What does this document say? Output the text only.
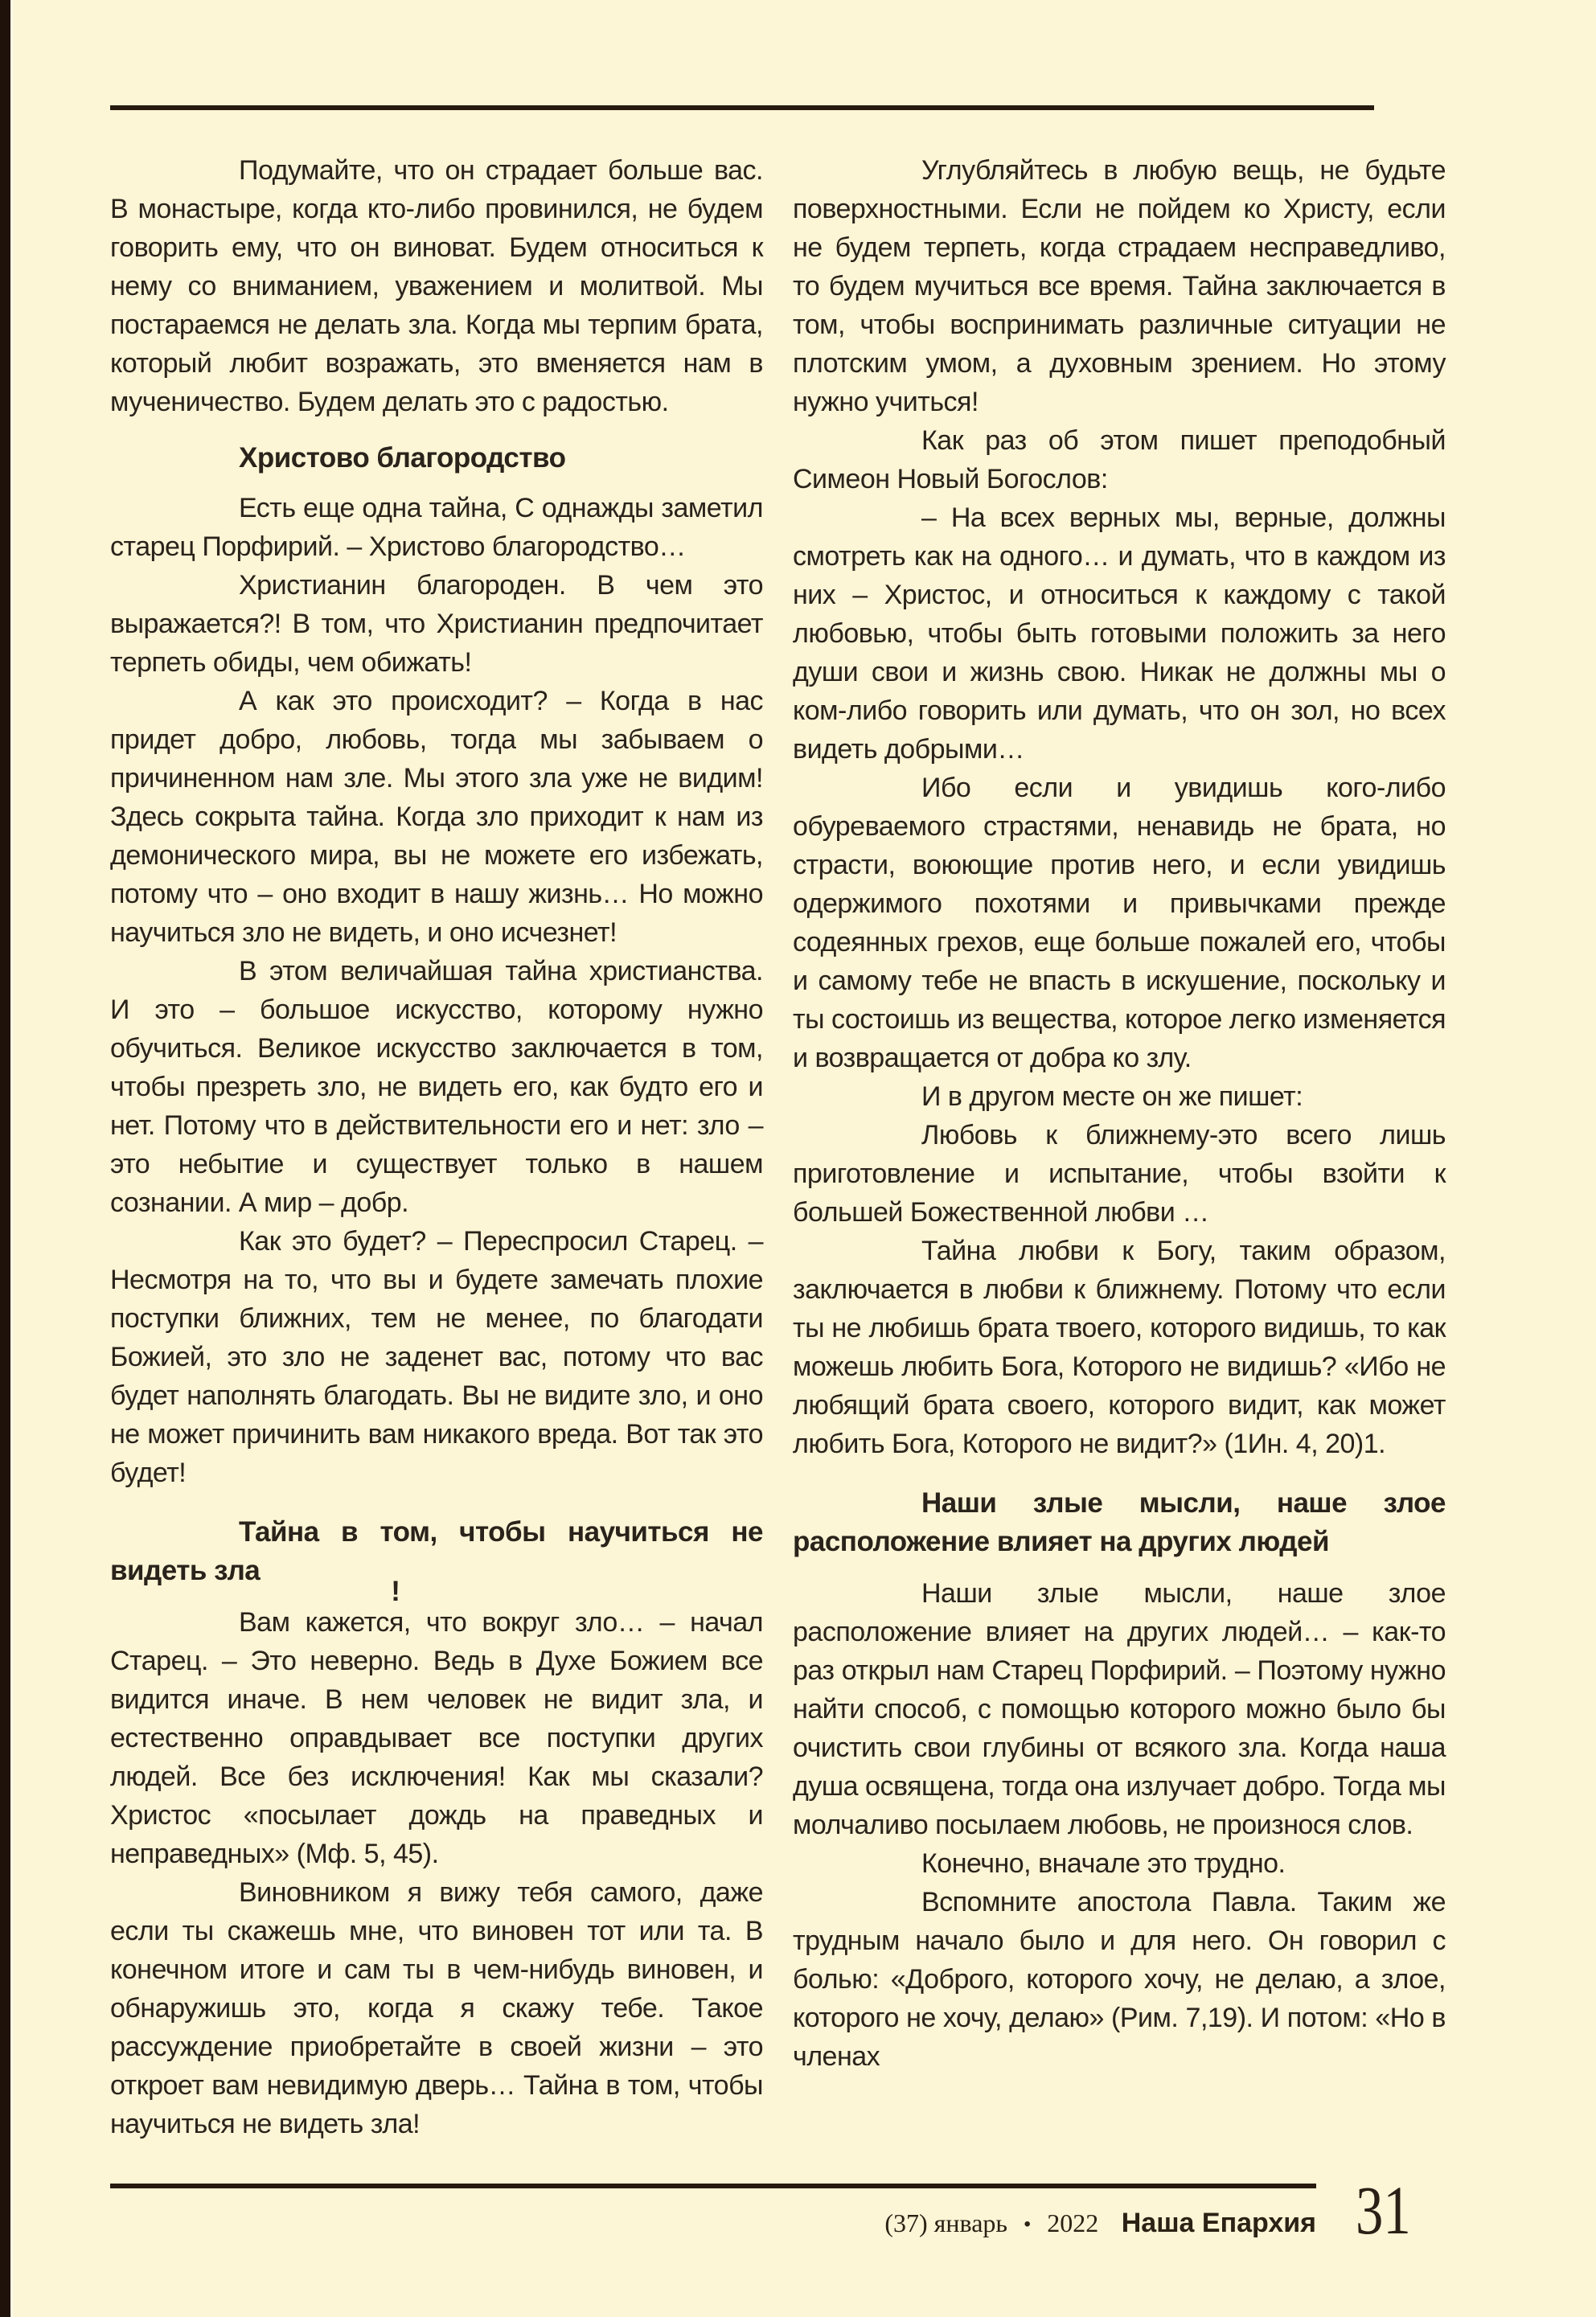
Подумайте, что он страдает больше вас. В монастыре, когда кто-либо провинился, не будем говорить ему, что он виноват. Будем относиться к нему со вниманием, уважением и молитвой. Мы постараемся не делать зла. Когда мы терпим брата, который любит возражать, это вменяется нам в мученичество. Будем делать это с радостью.

Христово благородство

Есть еще одна тайна, С однажды заметил старец Порфирий. – Христово благородство…

Христианин благороден. В чем это выражается?! В том, что Христианин предпочитает терпеть обиды, чем обижать!

А как это происходит? – Когда в нас придет добро, любовь, тогда мы забываем о причиненном нам зле. Мы этого зла уже не видим! Здесь сокрыта тайна. Когда зло приходит к нам из демонического мира, вы не можете его избежать, потому что – оно входит в нашу жизнь… Но можно научиться зло не видеть, и оно исчезнет!

В этом величайшая тайна христианства. И это – большое искусство, которому нужно обучиться. Великое искусство заключается в том, чтобы презреть зло, не видеть его, как будто его и нет. Потому что в действительности его и нет: зло – это небытие и существует только в нашем сознании. А мир – добр.

Как это будет? – Переспросил Старец. – Несмотря на то, что вы и будете замечать плохие поступки ближних, тем не менее, по благодати Божией, это зло не заденет вас, потому что вас будет наполнять благодать. Вы не видите зло, и оно не может причинить вам никакого вреда. Вот так это будет!

Тайна в том, чтобы научиться не видеть зла!

Вам кажется, что вокруг зло… – начал Старец. – Это неверно. Ведь в Духе Божием все видится иначе. В нем человек не видит зла, и естественно оправдывает все поступки других людей. Все без исключения! Как мы сказали? Христос «посылает дождь на праведных и неправедных» (Мф. 5, 45).

Виновником я вижу тебя самого, даже если ты скажешь мне, что виновен тот или та. В конечном итоге и сам ты в чем-нибудь виновен, и обнаружишь это, когда я скажу тебе. Такое рассуждение приобретайте в своей жизни – это откроет вам невидимую дверь… Тайна в том, чтобы научиться не видеть зла!

Углубляйтесь в любую вещь, не будьте поверхностными. Если не пойдем ко Христу, если не будем терпеть, когда страдаем несправедливо, то будем мучиться все время. Тайна заключается в том, чтобы воспринимать различные ситуации не плотским умом, а духовным зрением. Но этому нужно учиться!

Как раз об этом пишет преподобный Симеон Новый Богослов:

– На всех верных мы, верные, должны смотреть как на одного… и думать, что в каждом из них – Христос, и относиться к каждому с такой любовью, чтобы быть готовыми положить за него души свои и жизнь свою. Никак не должны мы о ком-либо говорить или думать, что он зол, но всех видеть добрыми…

Ибо если и увидишь кого-либо обуреваемого страстями, ненавидь не брата, но страсти, воюющие против него, и если увидишь одержимого похотями и привычками прежде содеянных грехов, еще больше пожалей его, чтобы и самому тебе не впасть в искушение, поскольку и ты состоишь из вещества, которое легко изменяется и возвращается от добра ко злу.

И в другом месте он же пишет:

Любовь к ближнему-это всего лишь приготовление и испытание, чтобы взойти к большей Божественной любви …

Тайна любви к Богу, таким образом, заключается в любви к ближнему. Потому что если ты не любишь брата твоего, которого видишь, то как можешь любить Бога, Которого не видишь? «Ибо не любящий брата своего, которого видит, как может любить Бога, Которого не видит?» (1Ин. 4, 20)1.

Наши злые мысли, наше злое расположение влияет на других людей

Наши злые мысли, наше злое расположение влияет на других людей… – как-то раз открыл нам Старец Порфирий. – Поэтому нужно найти способ, с помощью которого можно было бы очистить свои глубины от всякого зла. Когда наша душа освящена, тогда она излучает добро. Тогда мы молчаливо посылаем любовь, не произнося слов.

Конечно, вначале это трудно.

Вспомните апостола Павла. Таким же трудным начало было и для него. Он говорил с болью: «Доброго, которого хочу, не делаю, а злое, которого не хочу, делаю» (Рим. 7,19). И потом: «Но в членах

(37) январь • 2022 Наша Епархия 31
